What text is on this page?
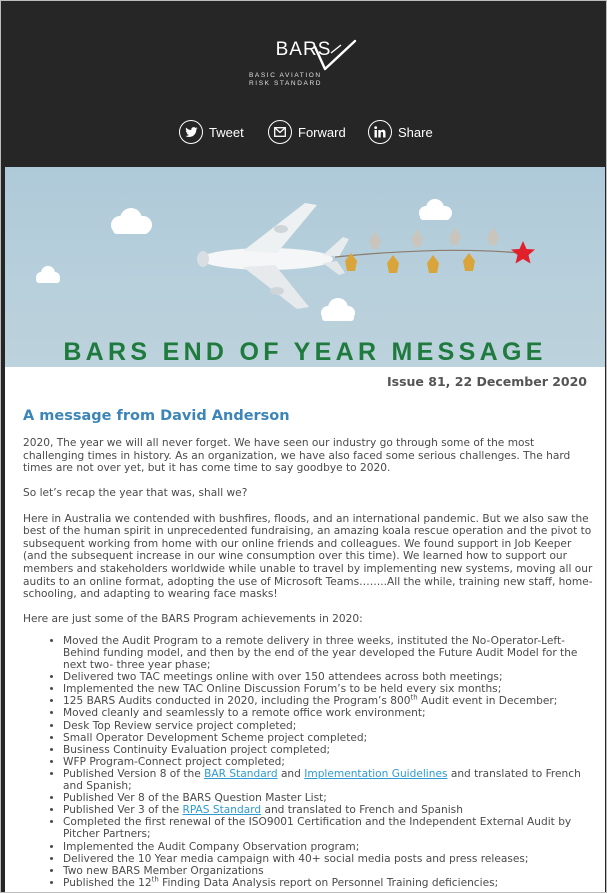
BARS
BASIC AVIATION
RISK STANDARD
Tweet	Forward	Share
BARS END OF YEAR MESSAGE
Issue 81, 22 December 2020
A message from David Anderson

2020, The year we will all never forget. We have seen our industry go through some of the most challenging times in history. As an organization, we have also faced some serious challenges. The hard times are not over yet, but it has come time to say goodbye to 2020.

So let’s recap the year that was, shall we?

Here in Australia we contended with bushfires, floods, and an international pandemic. But we also saw the best of the human spirit in unprecedented fundraising, an amazing koala rescue operation and the pivot to subsequent working from home with our online friends and colleagues. We found support in Job Keeper (and the subsequent increase in our wine consumption over this time). We learned how to support our members and stakeholders worldwide while unable to travel by implementing new systems, moving all our audits to an online format, adopting the use of Microsoft Teams……..All the while, training new staff, home-schooling, and adapting to wearing face masks!

Here are just some of the BARS Program achievements in 2020:

• Moved the Audit Program to a remote delivery in three weeks, instituted the No-Operator-Left-Behind funding model, and then by the end of the year developed the Future Audit Model for the next two- three year phase;
• Delivered two TAC meetings online with over 150 attendees across both meetings;
• Implemented the new TAC Online Discussion Forum’s to be held every six months;
• 125 BARS Audits conducted in 2020, including the Program’s 800th Audit event in December;
• Moved cleanly and seamlessly to a remote office work environment;
• Desk Top Review service project completed;
• Small Operator Development Scheme project completed;
• Business Continuity Evaluation project completed;
• WFP Program-Connect project completed;
• Published Version 8 of the BAR Standard and Implementation Guidelines and translated to French and Spanish;
• Published Ver 8 of the BARS Question Master List;
• Published Ver 3 of the RPAS Standard and translated to French and Spanish
• Completed the first renewal of the ISO9001 Certification and the Independent External Audit by Pitcher Partners;
• Implemented the Audit Company Observation program;
• Delivered the 10 Year media campaign with 40+ social media posts and press releases;
• Two new BARS Member Organizations
• Published the 12th Finding Data Analysis report on Personnel Training deficiencies;
